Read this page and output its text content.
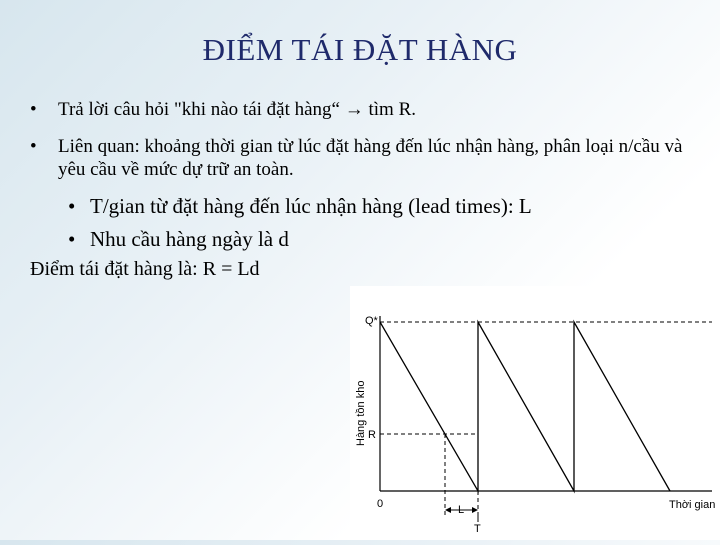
ĐIỂM TÁI ĐẶT HÀNG
• Trả lời câu hỏi "khi nào tái đặt hàng“ → tìm R.
• Liên quan: khoảng thời gian từ lúc đặt hàng đến lúc nhận hàng, phân loại n/cầu và yêu cầu về mức dự trữ an toàn.
• T/gian từ đặt hàng đến lúc nhận hàng (lead times): L
• Nhu cầu hàng ngày là d
Điểm tái đặt hàng là: R = Ld
Q*
R
0	L
T
Thời gian
Hàng tồn kho
